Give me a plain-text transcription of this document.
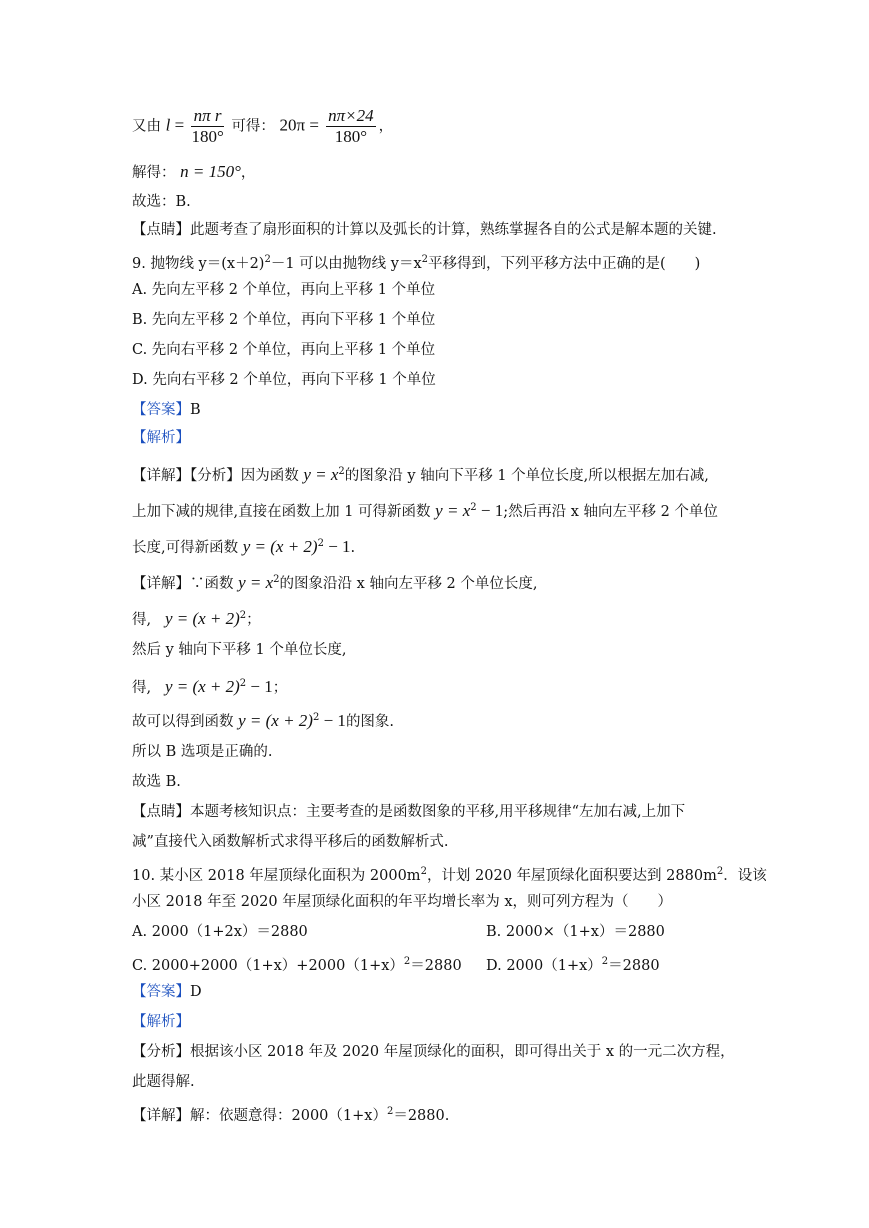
又由 $l = \frac{\text{nπ r}}{180^\circ}$ 可得： $20\pi = \frac{n\pi\times 24}{180^\circ}$ ，
解得： n = 150°，
故选：B.
【点睛】此题考查了扇形面积的计算以及弧长的计算，熟练掌握各自的公式是解本题的关键.
9. 抛物线 $y=(x+2)^2-1$ 可以由抛物线 $y=x^2$平移得到，下列平移方法中正确的是(　　)
A. 先向左平移 2 个单位，再向上平移 1 个单位
B. 先向左平移 2 个单位，再向下平移 1 个单位
C. 先向右平移 2 个单位，再向上平移 1 个单位
D. 先向右平移 2 个单位，再向下平移 1 个单位
【答案】B
【解析】
【详解】【分析】因为函数 $y = x^2$的图象沿 y 轴向下平移 1 个单位长度,所以根据左加右减,
上加下减的规律,直接在函数上加 1 可得新函数 $y = x^2 - 1$;然后再沿 x 轴向左平移 2 个单位
长度,可得新函数 $y = (x + 2)^2 - 1$.
【详解】∵函数 $y = x^2$的图象沿沿 x 轴向左平移 2 个单位长度,
得, $y = (x + 2)^2$；
然后 y 轴向下平移 1 个单位长度,
得, $y = (x + 2)^2 - 1$；
故可以得到函数 $y = (x + 2)^2 - 1$的图象.
所以 B 选项是正确的.
故选 B.
【点睛】本题考核知识点：主要考查的是函数图象的平移,用平移规律“左加右减,上加下
减”直接代入函数解析式求得平移后的函数解析式.
10. 某小区 2018 年屋顶绿化面积为 $2000m^2$，计划 2020 年屋顶绿化面积要达到 $2880m^2$．设该
小区 2018 年至 2020 年屋顶绿化面积的年平均增长率为 x，则可列方程为（　　）
A. 2000（1+2x）＝2880	B. 2000×（1+x）＝2880
C. $2000+2000(1+x)+2000(1+x)^2=2880$ D. $2000(1+x)^2=2880$
【答案】D
【解析】
【分析】根据该小区 2018 年及 2020 年屋顶绿化的面积，即可得出关于 x 的一元二次方程，
此题得解.
【详解】解：依题意得：$2000(1+x)^2=2880$.
